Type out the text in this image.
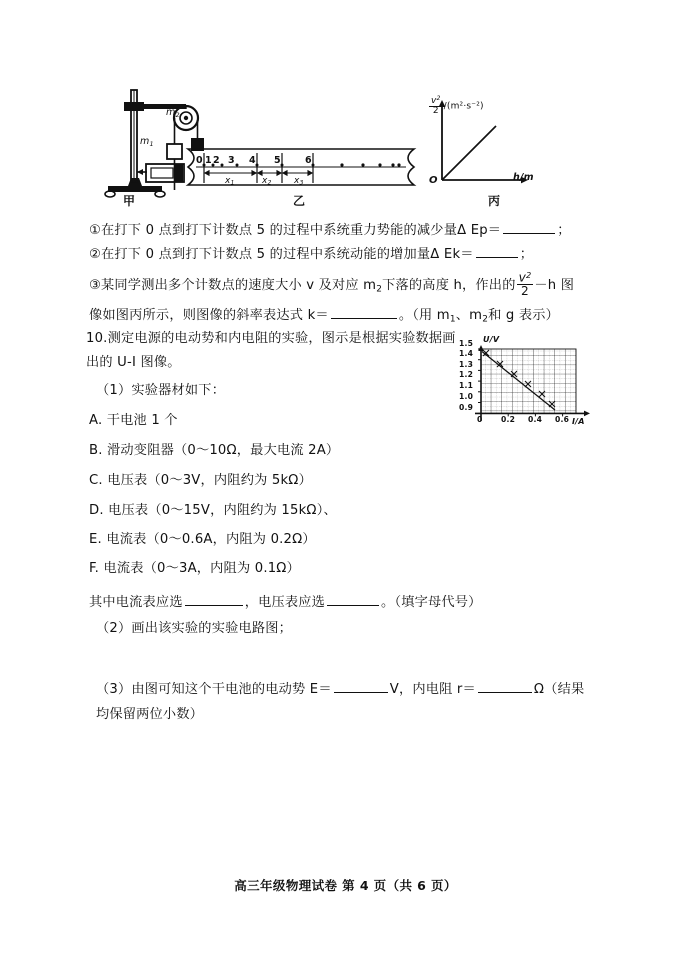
$m_2$
$m_1$
甲
0 1 2 3 4 5	6
$x_1$	$x_2$ $x_3$
乙
$\frac{v^2}{2} /(m^2\cdot s^{-2})$
O	h/m
丙
①在打下 0 点到打下计数点 5 的过程中系统重力势能的减少量Δ Ep＝	；
②在打下 0 点到打下计数点 5 的过程中系统动能的增加量Δ Ek＝	；
③某同学测出多个计数点的速度大小 v 及对应 $m_2$下落的高度 h，作出的 $\frac{v^2}{2} -h$ 图
像如图丙所示，则图像的斜率表达式 k＝	。（用 $m_1$、$m_2$和 g 表示）
10.测定电源的电动势和内电阻的实验，图示是根据实验数据画
出的 U-I 图像。
U/V
I/A
0.9
1.0
1.1
1.2
1.3
1.4
1.5
0 0.2 0.4 0.6
（1）实验器材如下：
A. 干电池 1 个
B. 滑动变阻器（0～10Ω，最大电流 2A）
C. 电压表（0～3V，内阻约为 5kΩ）
D. 电压表（0～15V，内阻约为 15kΩ）、
E. 电流表（0～0.6A，内阻为 0.2Ω）
F. 电流表（0～3A，内阻为 0.1Ω）
其中电流表应选	，电压表应选	。（填字母代号）
（2）画出该实验的实验电路图；
（3）由图可知这个干电池的电动势 E＝	V，内电阻 r＝	Ω（结果
均保留两位小数）
高三年级物理试卷 第 4 页（共 6 页）
